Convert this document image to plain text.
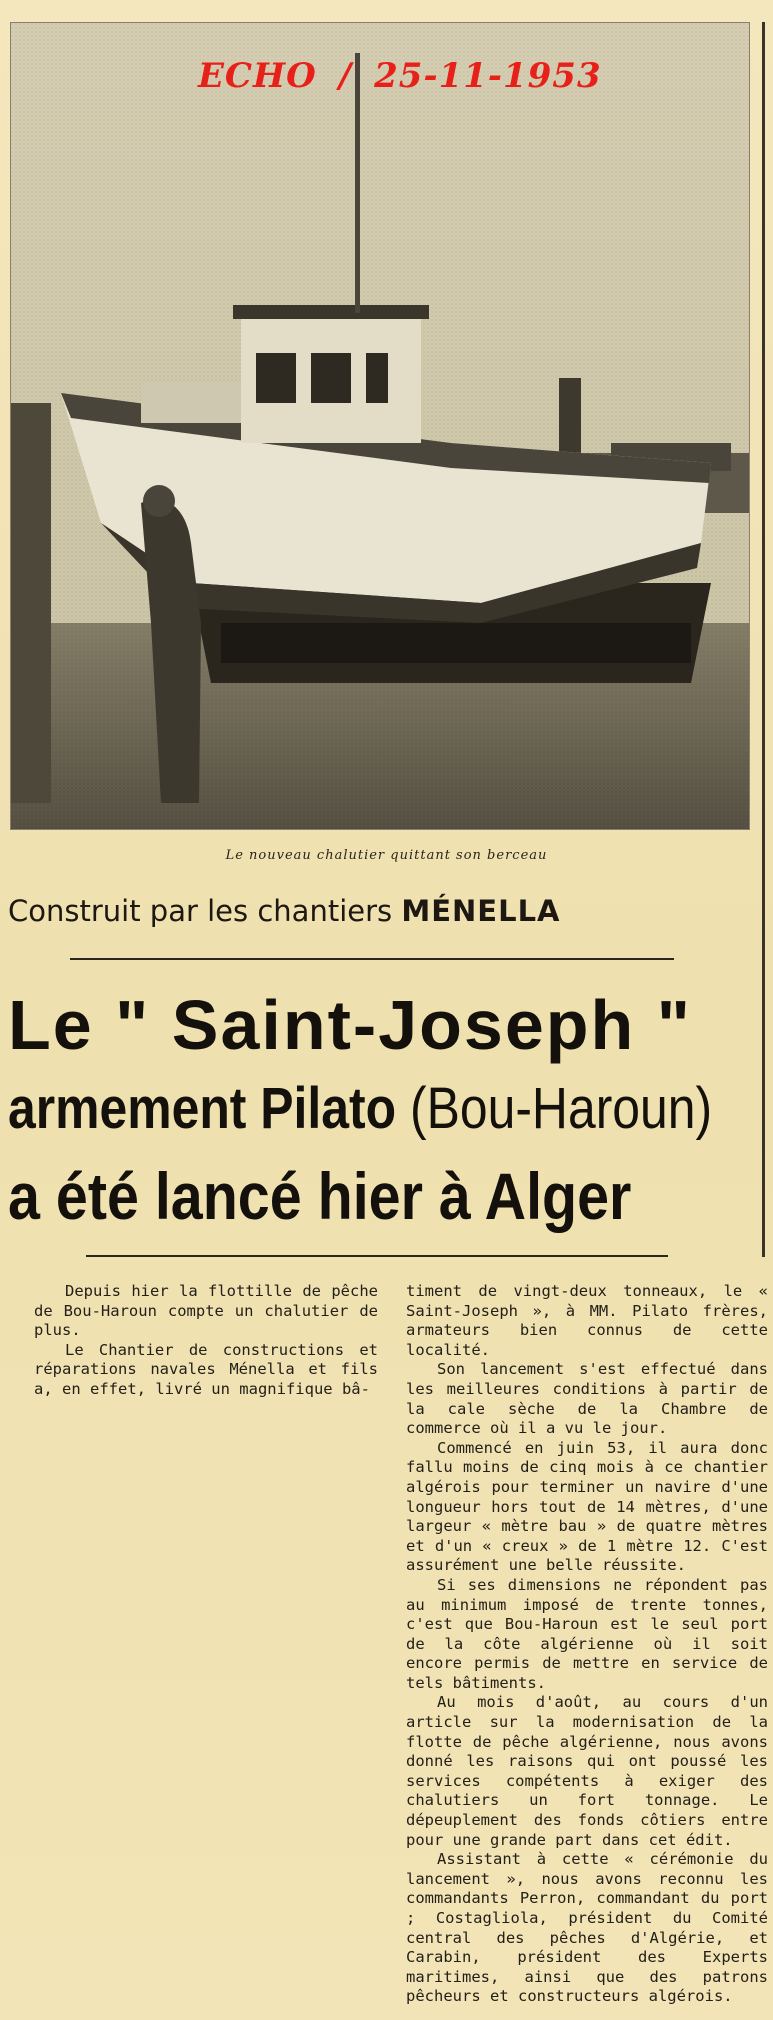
ECHO / 25-11-1953
Le nouveau chalutier quittant son berceau
Construit par les chantiers MÉNELLA
Le " Saint-Joseph "
armement Pilato (Bou-Haroun)
a été lancé hier à Alger

Depuis hier la flottille de pêche de Bou-Haroun compte un chalutier de plus.

Le Chantier de constructions et réparations navales Ménella et fils a, en effet, livré un magnifique bâ-

timent de vingt-deux tonneaux, le « Saint-Joseph », à MM. Pilato frères, armateurs bien connus de cette localité.

Son lancement s'est effectué dans les meilleures conditions à partir de la cale sèche de la Chambre de commerce où il a vu le jour.

Commencé en juin 53, il aura donc fallu moins de cinq mois à ce chantier algérois pour terminer un navire d'une longueur hors tout de 14 mètres, d'une largeur « mètre bau » de quatre mètres et d'un « creux » de 1 mètre 12. C'est assurément une belle réussite.

Si ses dimensions ne répondent pas au minimum imposé de trente tonnes, c'est que Bou-Haroun est le seul port de la côte algérienne où il soit encore permis de mettre en service de tels bâtiments.

Au mois d'août, au cours d'un article sur la modernisation de la flotte de pêche algérienne, nous avons donné les raisons qui ont poussé les services compétents à exiger des chalutiers un fort tonnage. Le dépeuplement des fonds côtiers entre pour une grande part dans cet édit.

Assistant à cette « cérémonie du lancement », nous avons reconnu les commandants Perron, commandant du port ; Costagliola, président du Comité central des pêches d'Algérie, et Carabin, président des Experts maritimes, ainsi que des patrons pêcheurs et constructeurs algérois.
